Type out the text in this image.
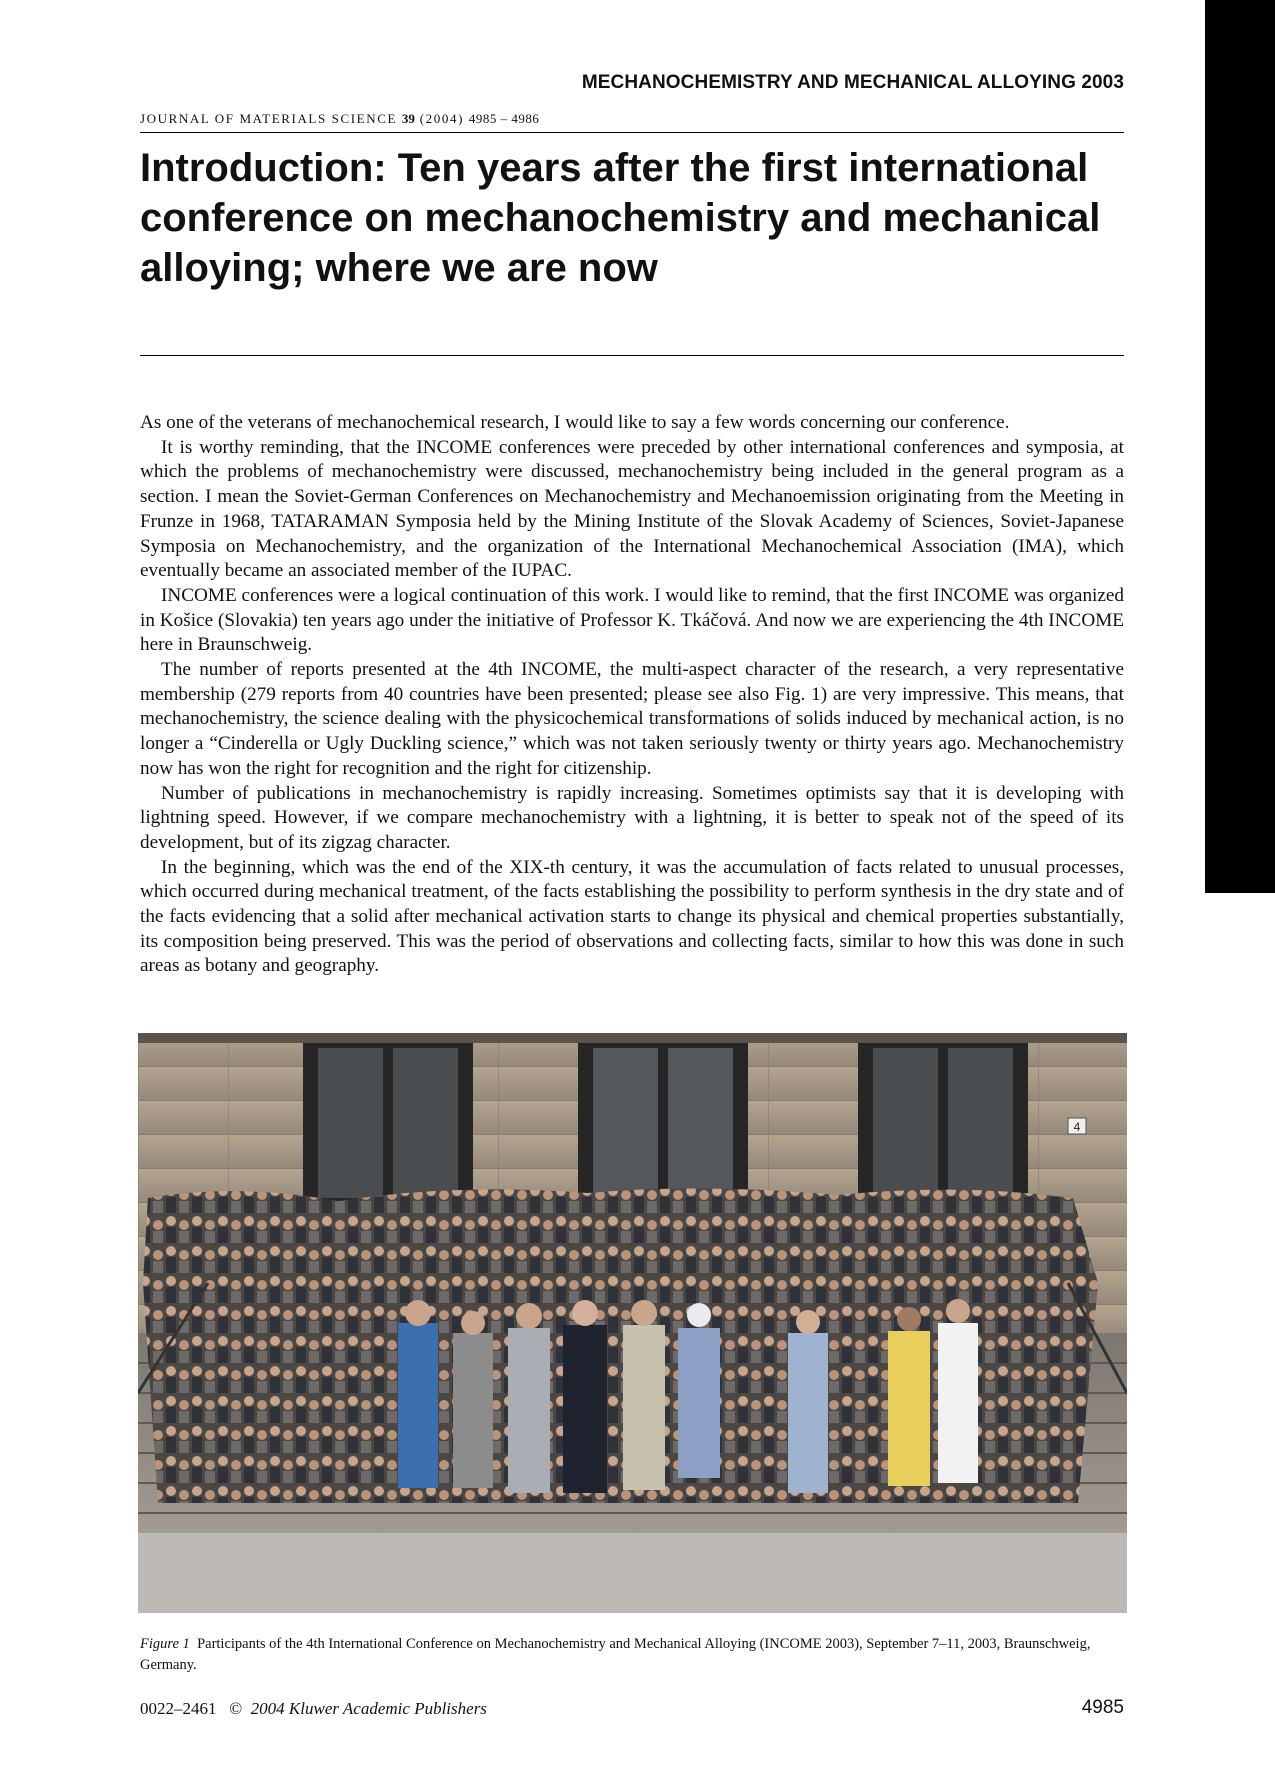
MECHANOCHEMISTRY AND MECHANICAL ALLOYING 2003
JOURNAL OF MATERIALS SCIENCE 39 (2004) 4985 – 4986
Introduction: Ten years after the first international conference on mechanochemistry and mechanical alloying; where we are now

As one of the veterans of mechanochemical research, I would like to say a few words concerning our conference.

It is worthy reminding, that the INCOME conferences were preceded by other international conferences and symposia, at which the problems of mechanochemistry were discussed, mechanochemistry being included in the general program as a section. I mean the Soviet-German Conferences on Mechanochemistry and Mechanoemission originating from the Meeting in Frunze in 1968, TATARAMAN Symposia held by the Mining Institute of the Slovak Academy of Sciences, Soviet-Japanese Symposia on Mechanochemistry, and the organization of the International Mechanochemical Association (IMA), which eventually became an associated member of the IUPAC.

INCOME conferences were a logical continuation of this work. I would like to remind, that the first INCOME was organized in Košice (Slovakia) ten years ago under the initiative of Professor K. Tkáčová. And now we are experiencing the 4th INCOME here in Braunschweig.

The number of reports presented at the 4th INCOME, the multi-aspect character of the research, a very representative membership (279 reports from 40 countries have been presented; please see also Fig. 1) are very impressive. This means, that mechanochemistry, the science dealing with the physicochemical transformations of solids induced by mechanical action, is no longer a “Cinderella or Ugly Duckling science,” which was not taken seriously twenty or thirty years ago. Mechanochemistry now has won the right for recognition and the right for citizenship.

Number of publications in mechanochemistry is rapidly increasing. Sometimes optimists say that it is developing with lightning speed. However, if we compare mechanochemistry with a lightning, it is better to speak not of the speed of its development, but of its zigzag character.

In the beginning, which was the end of the XIX-th century, it was the accumulation of facts related to unusual processes, which occurred during mechanical treatment, of the facts establishing the possibility to perform synthesis in the dry state and of the facts evidencing that a solid after mechanical activation starts to change its physical and chemical properties substantially, its composition being preserved. This was the period of observations and collecting facts, similar to how this was done in such areas as botany and geography.

4
Figure 1 Participants of the 4th International Conference on Mechanochemistry and Mechanical Alloying (INCOME 2003), September 7–11, 2003, Braunschweig, Germany.
0022–2461 © 2004 Kluwer Academic Publishers	4985
